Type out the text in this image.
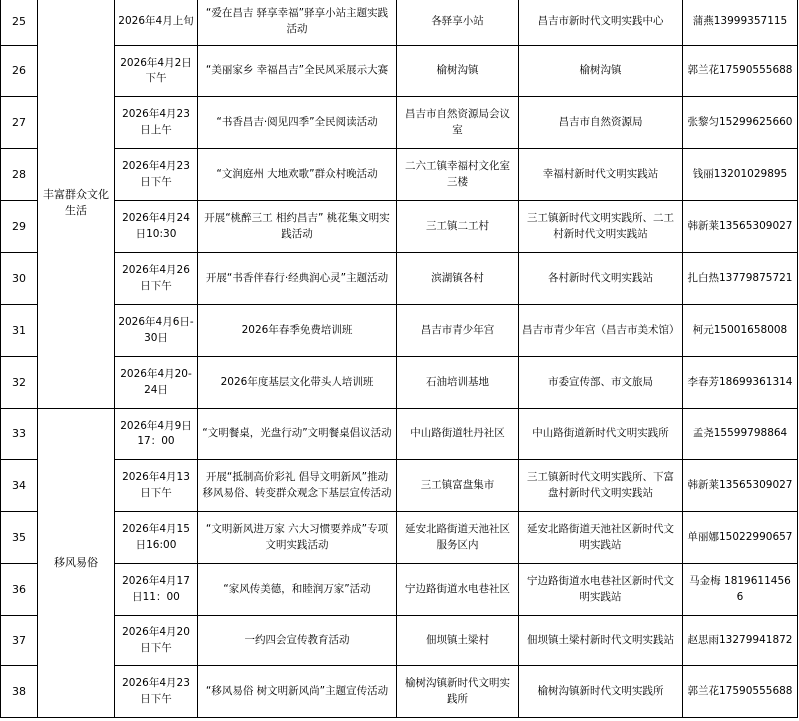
25	丰富群众文化生活	2026年4月上旬	“爱在昌吉 驿享幸福”驿享小站主题实践活动	各驿享小站	昌吉市新时代文明实践中心	蒲燕13999357115
26		2026年4月2日下午	“美丽家乡 幸福昌吉”全民风采展示大赛	榆树沟镇	榆树沟镇	郭兰花17590555688
27		2026年4月23日上午	“书香昌吉·阅见四季”全民阅读活动	昌吉市自然资源局会议室	昌吉市自然资源局	张黎匀15299625660
28		2026年4月23日下午	“文润庭州 大地欢歌”群众村晚活动	二六工镇幸福村文化室三楼	幸福村新时代文明实践站	钱丽13201029895
29		2026年4月24日10:30	开展“桃醉三工 相约昌吉” 桃花集文明实践活动	三工镇二工村	三工镇新时代文明实践所、二工村新时代文明实践站	韩新莱13565309027
30		2026年4月26日下午	开展“书香伴春行·经典润心灵”主题活动	滨湖镇各村	各村新时代文明实践站	扎白热13779875721
31		2026年4月6日-30日	2026年春季免费培训班	昌吉市青少年宫	昌吉市青少年宫（昌吉市美术馆）	柯元15001658008
32		2026年4月20-24日	2026年度基层文化带头人培训班	石油培训基地	市委宣传部、市文旅局	李春芳18699361314
33	移风易俗	2026年4月9日17：00	“文明餐桌，光盘行动”文明餐桌倡议活动	中山路街道牡丹社区	中山路街道新时代文明实践所	孟尧15599798864
34		2026年4月13日下午	开展“抵制高价彩礼 倡导文明新风”推动移风易俗、转变群众观念下基层宣传活动	三工镇富盘集市	三工镇新时代文明实践所、下富盘村新时代文明实践站	韩新莱13565309027
35		2026年4月15日16:00	“文明新风进万家 六大习惯要养成”专项文明实践活动	延安北路街道天池社区服务区内	延安北路街道天池社区新时代文明实践站	单丽娜15022990657
36		2026年4月17日11：00	“家风传美德，和睦润万家”活动	宁边路街道水电巷社区	宁边路街道水电巷社区新时代文明实践站	马金梅 18196114566
37		2026年4月20日下午	一约四会宣传教育活动	佃坝镇土梁村	佃坝镇土梁村新时代文明实践站	赵思雨13279941872
38		2026年4月23日下午	“移风易俗 树文明新风尚”主题宣传活动	榆树沟镇新时代文明实践所	榆树沟镇新时代文明实践所	郭兰花17590555688
